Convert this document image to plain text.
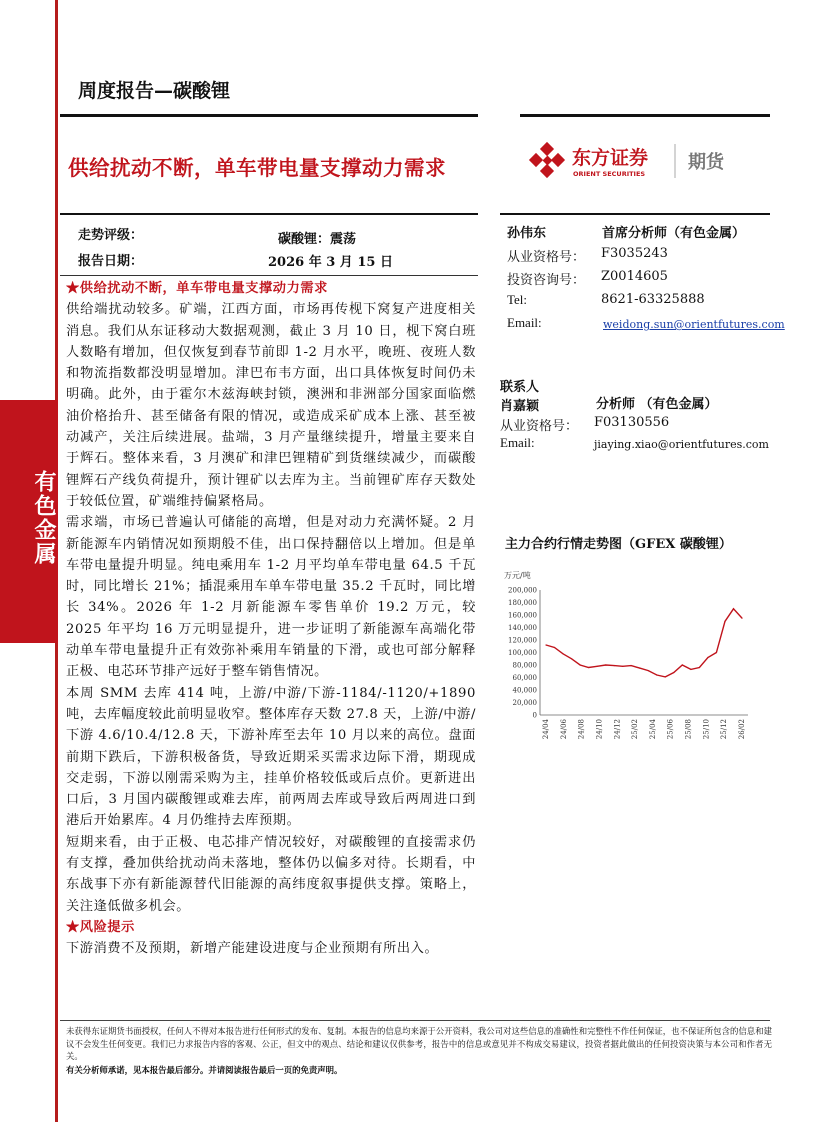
有色金属
周度报告—碳酸锂
供给扰动不断，单车带电量支撑动力需求	东方证券
ORIENT SECURITIES
期货
走势评级：	碳酸锂：震荡
报告日期：	2026 年 3 月 15 日

★供给扰动不断，单车带电量支撑动力需求

供给端扰动较多。矿端，江西方面，市场再传枧下窝复产进度相关消息。我们从东证移动大数据观测，截止 3 月 10 日，枧下窝白班人数略有增加，但仅恢复到春节前即 1-2 月水平，晚班、夜班人数和物流指数都没明显增加。津巴布韦方面，出口具体恢复时间仍未明确。此外，由于霍尔木兹海峡封锁，澳洲和非洲部分国家面临燃油价格抬升、甚至储备有限的情况，或造成采矿成本上涨、甚至被动减产，关注后续进展。盐端，3 月产量继续提升，增量主要来自于辉石。整体来看，3 月澳矿和津巴锂精矿到货继续减少，而碳酸锂辉石产线负荷提升，预计锂矿以去库为主。当前锂矿库存天数处于较低位置，矿端维持偏紧格局。

需求端，市场已普遍认可储能的高增，但是对动力充满怀疑。2 月新能源车内销情况如预期般不佳，出口保持翻倍以上增加。但是单车带电量提升明显。纯电乘用车 1-2 月平均单车带电量 64.5 千瓦时，同比增长 21%；插混乘用车单车带电量 35.2 千瓦时，同比增长 34%。2026 年 1-2 月新能源车零售单价 19.2 万元，较 2025 年平均 16 万元明显提升，进一步证明了新能源车高端化带动单车带电量提升正有效弥补乘用车销量的下滑，或也可部分解释正极、电芯环节排产远好于整车销售情况。

本周 SMM 去库 414 吨，上游/中游/下游-1184/-1120/+1890 吨，去库幅度较此前明显收窄。整体库存天数 27.8 天，上游/中游/下游 4.6/10.4/12.8 天，下游补库至去年 10 月以来的高位。盘面前期下跌后，下游积极备货，导致近期采买需求边际下滑，期现成交走弱，下游以刚需采购为主，挂单价格较低或后点价。更新进出口后，3 月国内碳酸锂或难去库，前两周去库或导致后两周进口到港后开始累库。4 月仍维持去库预期。

短期来看，由于正极、电芯排产情况较好，对碳酸锂的直接需求仍有支撑，叠加供给扰动尚未落地，整体仍以偏多对待。长期看，中东战事下亦有新能源替代旧能源的高纬度叙事提供支撑。策略上，关注逢低做多机会。

★风险提示

下游消费不及预期，新增产能建设进度与企业预期有所出入。

孙伟东	首席分析师（有色金属）
从业资格号： F3035243
投资咨询号： Z0014605
Tel:	8621-63325888
Email:	weidong.sun@orientfutures.com
联系人
肖嘉颖	分析师 （有色金属）
从业资格号： F03130556
Email:	jiaying.xiao@orientfutures.com
主力合约行情走势图（GFEX 碳酸锂）
万元/吨
0
20,000
40,000
60,000
80,000
100,000
120,000
140,000
160,000
180,000
200,000
24/04 24/06 24/08 24/10 24/12 25/02 25/04 25/06 25/08 25/10 25/12 26/02
未获得东证期货书面授权，任何人不得对本报告进行任何形式的发布、复制。本报告的信息均来源于公开资料，我公司对这些信息的准确性和完整性不作任何保证，也不保证所包含的信息和建议不会发生任何变更。我们已力求报告内容的客观、公正，但文中的观点、结论和建议仅供参考，报告中的信息或意见并不构成交易建议，投资者据此做出的任何投资决策与本公司和作者无关。
有关分析师承诺，见本报告最后部分。并请阅读报告最后一页的免责声明。
